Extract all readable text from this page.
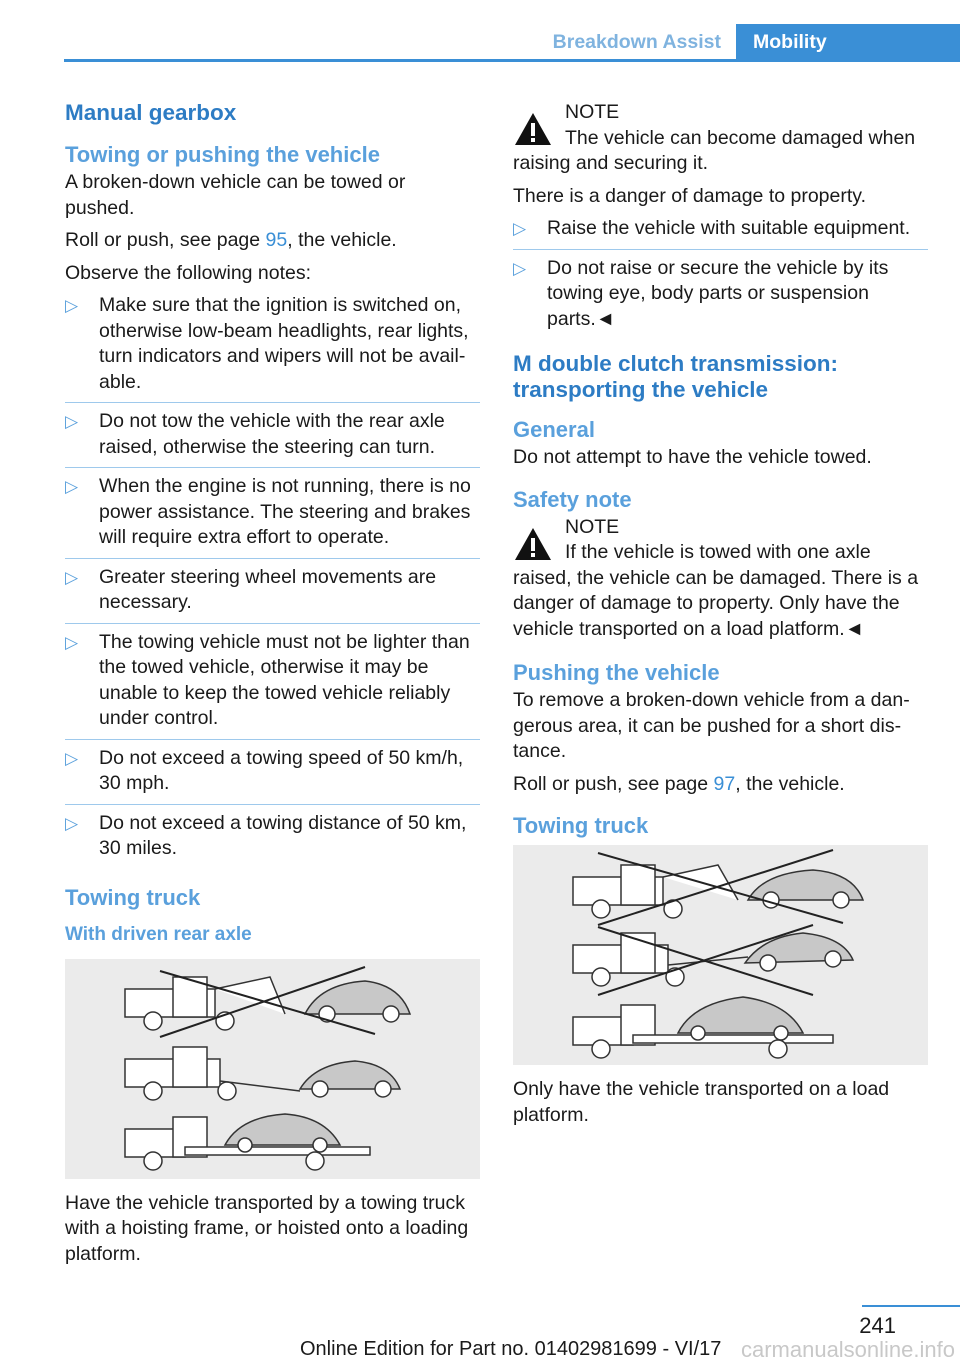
Breakdown Assist	Mobility
Manual gearbox
Towing or pushing the vehicle

A broken-down vehicle can be towed or pushed.

Roll or push, see page 95, the vehicle.

Observe the following notes:

▷ Make sure that the ignition is switched on, otherwise low-beam headlights, rear lights, turn indicators and wipers will not be avail-able.
▷ Do not tow the vehicle with the rear axle raised, otherwise the steering can turn.
▷ When the engine is not running, there is no power assistance. The steering and brakes will require extra effort to operate.
▷ Greater steering wheel movements are necessary.
▷ The towing vehicle must not be lighter than the towed vehicle, otherwise it may be unable to keep the towed vehicle reliably under control.
▷ Do not exceed a towing speed of 50 km/h, 30 mph.
▷ Do not exceed a towing distance of 50 km, 30 miles.
Towing truck
With driven rear axle

Have the vehicle transported by a towing truck with a hoisting frame, or hoisted onto a loading platform.

NOTE
The vehicle can become damaged when raising and securing it.

There is a danger of damage to property.

▷ Raise the vehicle with suitable equipment.
▷ Do not raise or secure the vehicle by its towing eye, body parts or suspension parts.◄
M double clutch transmission: transporting the vehicle
General

Do not attempt to have the vehicle towed.

Safety note
NOTE
If the vehicle is towed with one axle raised, the vehicle can be damaged. There is a danger of damage to property. Only have the vehicle transported on a load platform.◄
Pushing the vehicle

To remove a broken-down vehicle from a dan-gerous area, it can be pushed for a short dis-tance.

Roll or push, see page 97, the vehicle.

Towing truck

Only have the vehicle transported on a load platform.

241
Online Edition for Part no. 01402981699 - VI/17 carmanualsonline.info
